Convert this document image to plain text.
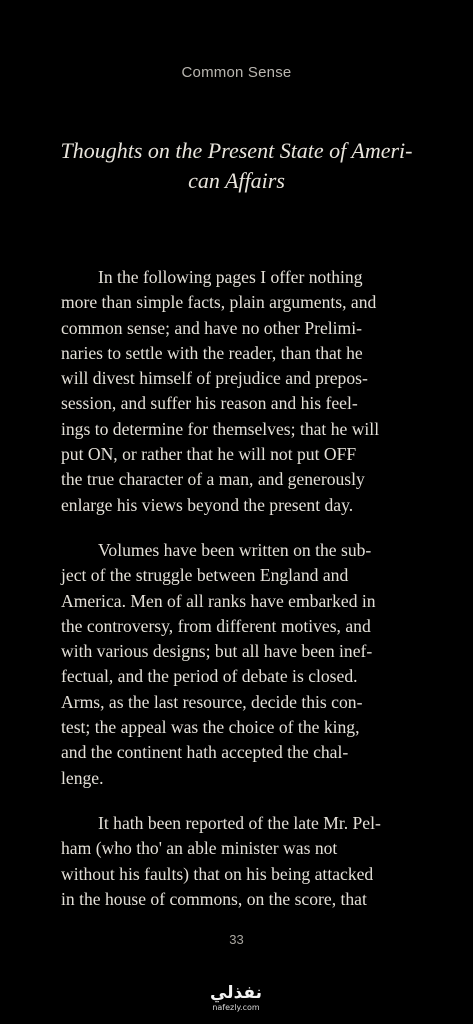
Common Sense
Thoughts on the Present State of Ameri-
can Affairs

In the following pages I offer nothing
more than simple facts, plain arguments, and
common sense; and have no other Prelimi-
naries to settle with the reader, than that he
will divest himself of prejudice and prepos-
session, and suffer his reason and his feel-
ings to determine for themselves; that he will
put ON, or rather that he will not put OFF
the true character of a man, and generously
enlarge his views beyond the present day.

Volumes have been written on the sub-
ject of the struggle between England and
America. Men of all ranks have embarked in
the controversy, from different motives, and
with various designs; but all have been inef-
fectual, and the period of debate is closed.
Arms, as the last resource, decide this con-
test; the appeal was the choice of the king,
and the continent hath accepted the chal-
lenge.

It hath been reported of the late Mr. Pel-
ham (who tho' an able minister was not
without his faults) that on his being attacked
in the house of commons, on the score, that

33
نفذلي
nafezly.com
